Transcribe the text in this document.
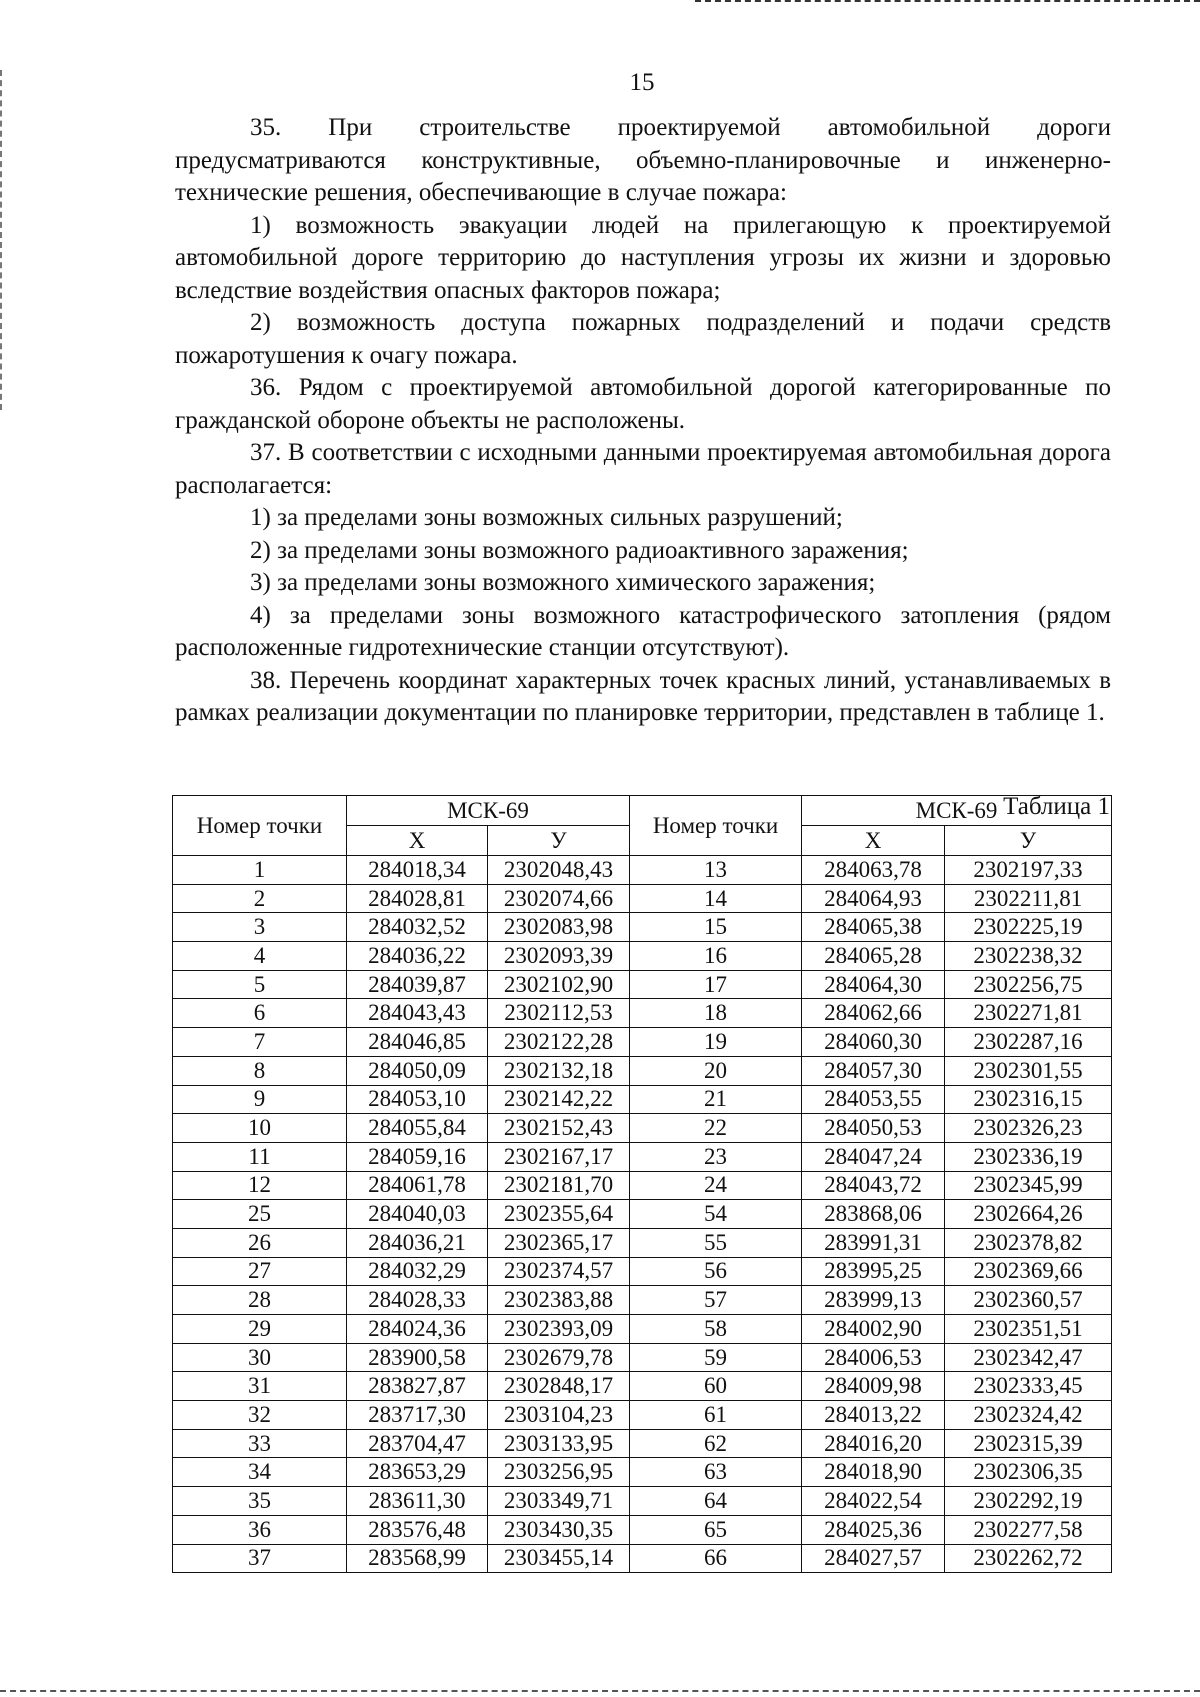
15

35. При строительстве проектируемой автомобильной дороги предусматриваются конструктивные, объемно-планировочные и инженерно-технические решения, обеспечивающие в случае пожара:

1) возможность эвакуации людей на прилегающую к проектируемой автомобильной дороге территорию до наступления угрозы их жизни и здоровью вследствие воздействия опасных факторов пожара;

2) возможность доступа пожарных подразделений и подачи средств пожаротушения к очагу пожара.

36. Рядом с проектируемой автомобильной дорогой категорированные по гражданской обороне объекты не расположены.

37. В соответствии с исходными данными проектируемая автомобильная дорога располагается:

1) за пределами зоны возможных сильных разрушений;

2) за пределами зоны возможного радиоактивного заражения;

3) за пределами зоны возможного химического заражения;

4) за пределами зоны возможного катастрофического затопления (рядом расположенные гидротехнические станции отсутствуют).

38. Перечень координат характерных точек красных линий, устанавливаемых в рамках реализации документации по планировке территории, представлен в таблице 1.

Таблица 1
Номер точки	МСК-69		Номер точки	МСК-69	
	X	У		X	У
1	284018,34	2302048,43	13	284063,78	2302197,33
2	284028,81	2302074,66	14	284064,93	2302211,81
3	284032,52	2302083,98	15	284065,38	2302225,19
4	284036,22	2302093,39	16	284065,28	2302238,32
5	284039,87	2302102,90	17	284064,30	2302256,75
6	284043,43	2302112,53	18	284062,66	2302271,81
7	284046,85	2302122,28	19	284060,30	2302287,16
8	284050,09	2302132,18	20	284057,30	2302301,55
9	284053,10	2302142,22	21	284053,55	2302316,15
10	284055,84	2302152,43	22	284050,53	2302326,23
11	284059,16	2302167,17	23	284047,24	2302336,19
12	284061,78	2302181,70	24	284043,72	2302345,99
25	284040,03	2302355,64	54	283868,06	2302664,26
26	284036,21	2302365,17	55	283991,31	2302378,82
27	284032,29	2302374,57	56	283995,25	2302369,66
28	284028,33	2302383,88	57	283999,13	2302360,57
29	284024,36	2302393,09	58	284002,90	2302351,51
30	283900,58	2302679,78	59	284006,53	2302342,47
31	283827,87	2302848,17	60	284009,98	2302333,45
32	283717,30	2303104,23	61	284013,22	2302324,42
33	283704,47	2303133,95	62	284016,20	2302315,39
34	283653,29	2303256,95	63	284018,90	2302306,35
35	283611,30	2303349,71	64	284022,54	2302292,19
36	283576,48	2303430,35	65	284025,36	2302277,58
37	283568,99	2303455,14	66	284027,57	2302262,72
